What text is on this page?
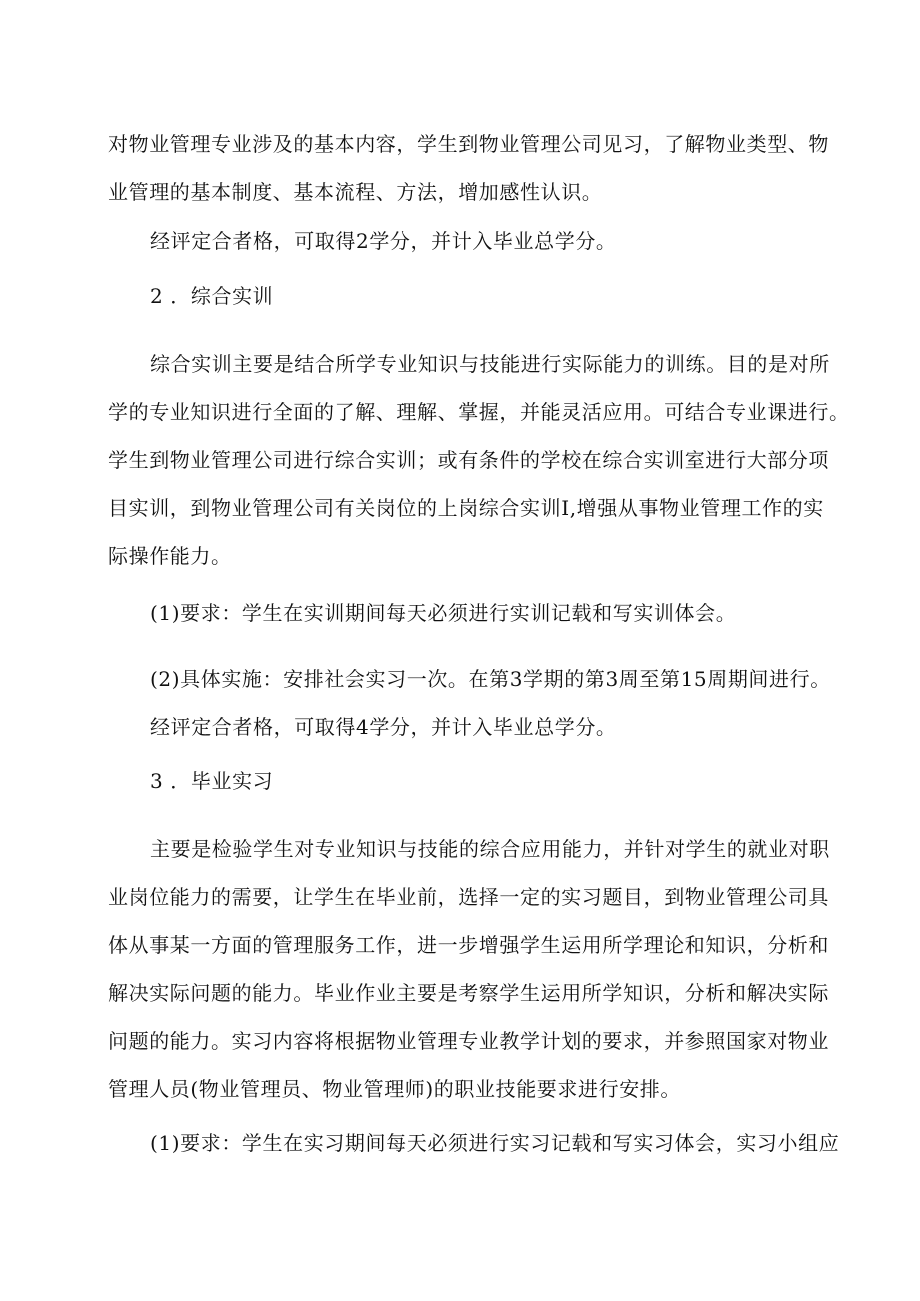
对物业管理专业涉及的基本内容，学生到物业管理公司见习，了解物业类型、物
业管理的基本制度、基本流程、方法，增加感性认识。
经评定合者格，可取得2学分，并计入毕业总学分。
2 ．综合实训
综合实训主要是结合所学专业知识与技能进行实际能力的训练。目的是对所
学的专业知识进行全面的了解、理解、掌握，并能灵活应用。可结合专业课进行。
学生到物业管理公司进行综合实训；或有条件的学校在综合实训室进行大部分项
目实训，到物业管理公司有关岗位的上岗综合实训I,增强从事物业管理工作的实
际操作能力。
(1)要求：学生在实训期间每天必须进行实训记载和写实训体会。
(2)具体实施：安排社会实习一次。在第3学期的第3周至第15周期间进行。
经评定合者格，可取得4学分，并计入毕业总学分。
3 ．毕业实习
主要是检验学生对专业知识与技能的综合应用能力，并针对学生的就业对职
业岗位能力的需要，让学生在毕业前，选择一定的实习题目，到物业管理公司具
体从事某一方面的管理服务工作，进一步增强学生运用所学理论和知识，分析和
解决实际问题的能力。毕业作业主要是考察学生运用所学知识，分析和解决实际
问题的能力。实习内容将根据物业管理专业教学计划的要求，并参照国家对物业
管理人员(物业管理员、物业管理师)的职业技能要求进行安排。
(1)要求：学生在实习期间每天必须进行实习记载和写实习体会，实习小组应
